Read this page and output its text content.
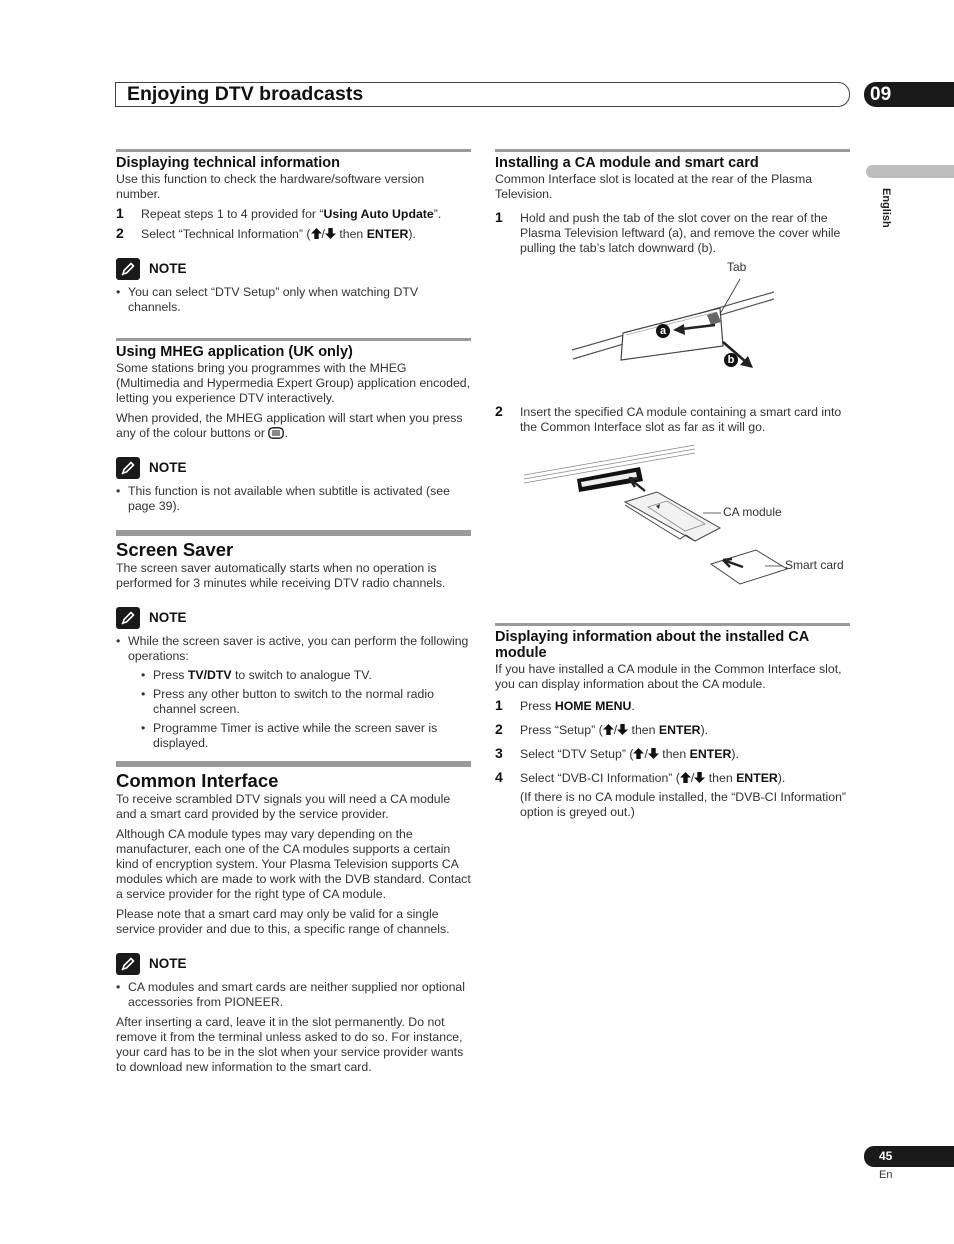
Enjoying DTV broadcasts	09
English
Displaying technical information

Use this function to check the hardware/software version number.

1	Repeat steps 1 to 4 provided for “Using Auto Update”.
2	Select “Technical Information” ( / then ENTER).
NOTE
• You can select “DTV Setup” only when watching DTV channels.
Using MHEG application (UK only)

Some stations bring you programmes with the MHEG (Multimedia and Hypermedia Expert Group) application encoded, letting you experience DTV interactively.

When provided, the MHEG application will start when you press any of the colour buttons or .

NOTE
• This function is not available when subtitle is activated (see page 39).
Screen Saver

The screen saver automatically starts when no operation is performed for 3 minutes while receiving DTV radio channels.

NOTE
• While the screen saver is active, you can perform the following operations:
• Press TV/DTV to switch to analogue TV.
• Press any other button to switch to the normal radio channel screen.
• Programme Timer is active while the screen saver is displayed.
Common Interface

To receive scrambled DTV signals you will need a CA module and a smart card provided by the service provider.

Although CA module types may vary depending on the manufacturer, each one of the CA modules supports a certain kind of encryption system. Your Plasma Television supports CA modules which are made to work with the DVB standard. Contact a service provider for the right type of CA module.

Please note that a smart card may only be valid for a single service provider and due to this, a specific range of channels.

NOTE
• CA modules and smart cards are neither supplied nor optional accessories from PIONEER.

After inserting a card, leave it in the slot permanently. Do not remove it from the terminal unless asked to do so. For instance, your card has to be in the slot when your service provider wants to download new information to the smart card.

Installing a CA module and smart card

Common Interface slot is located at the rear of the Plasma Television.

1	Hold and push the tab of the slot cover on the rear of the Plasma Television leftward (a), and remove the cover while pulling the tab’s latch downward (b).
Tab
a
b
2	Insert the specified CA module containing a smart card into the Common Interface slot as far as it will go.
CA module
Smart card
Displaying information about the installed CA module

If you have installed a CA module in the Common Interface slot, you can display information about the CA module.

1	Press HOME MENU.
2	Press “Setup” ( / then ENTER).
3	Select “DTV Setup” ( / then ENTER).
4	Select “DVB-CI Information” ( / then ENTER).

(If there is no CA module installed, the “DVB-CI Information” option is greyed out.)

45
En
